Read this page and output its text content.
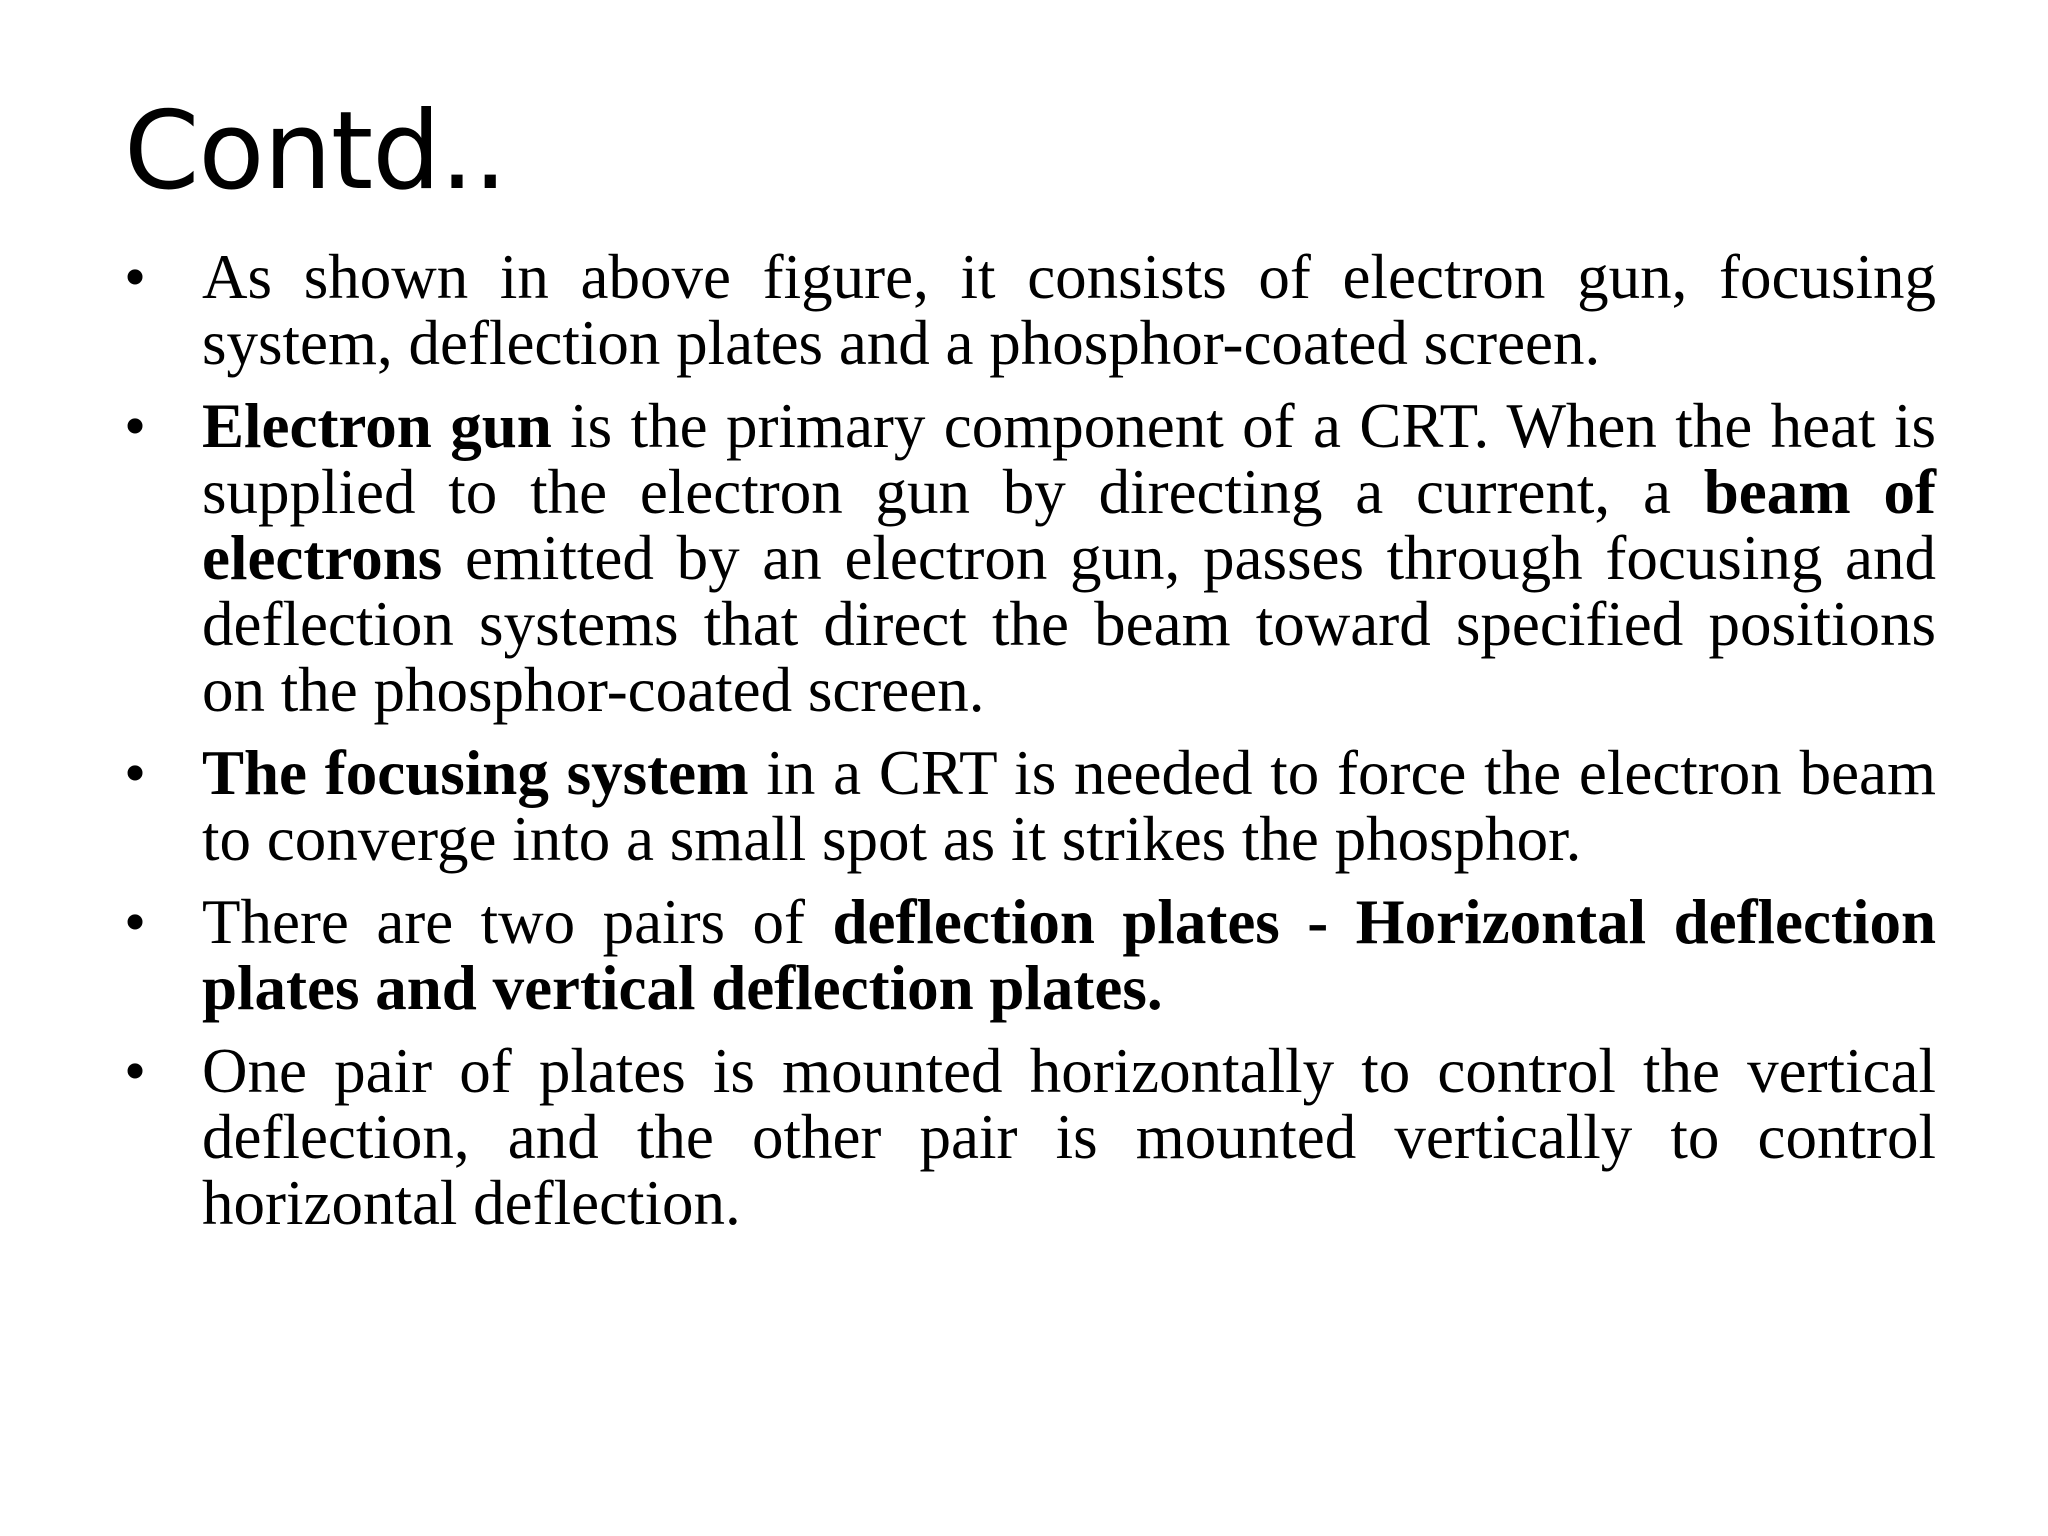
Contd..
• As shown in above figure, it consists of electron gun, focusing system, deflection plates and a phosphor-coated screen.
• Electron gun is the primary component of a CRT. When the heat is supplied to the electron gun by directing a current, a beam of electrons emitted by an electron gun, passes through focusing and deflection systems that direct the beam toward specified positions on the phosphor-coated screen.
• The focusing system in a CRT is needed to force the electron beam to converge into a small spot as it strikes the phosphor.
• There are two pairs of deflection plates - Horizontal deflection plates and vertical deflection plates.
• One pair of plates is mounted horizontally to control the vertical deflection, and the other pair is mounted vertically to control horizontal deflection.
